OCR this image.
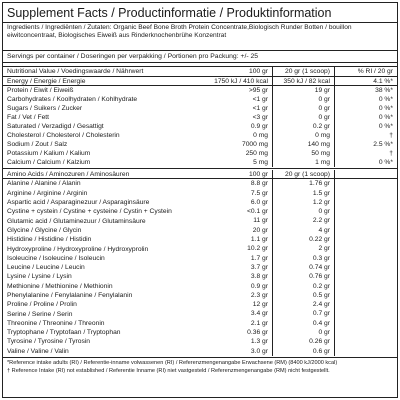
Supplement Facts / Productinformatie / Produktinformation
Ingredients / Ingrediënten / Zutaten: Organic Beef Bone Broth Protein Concentrate,Biologisch Runder Botten / bouillon eiwitconcentraat, Biologisches Eiweiß aus Rinderknochenbrühe Konzentrat
Servings per container / Doseringen per verpakking / Portionen pro Packung: +/- 25
Nutritional Value / Voedingswaarde / Nährwert	100 gr	20 gr (1 scoop)	% RI / 20 gr
Energy / Energie / Energie	1750 kJ / 410 kcal	350 kJ / 82 kcal	4.1 %*
Protein / Eiwit / Eiweiß	>95 gr	19 gr	38 %*
Carbohydrates / Koolhydraten / Kohlhydrate	<1 gr	0 gr	0 %*
Sugars / Suikers / Zucker	<1 gr	0 gr	0 %*
Fat / Vet / Fett	<3 gr	0 gr	0 %*
Saturated / Verzadigd / Gesattigt	0.9 gr	0.2 gr	0 %*
Cholesterol / Cholesterol / Cholesterin	0 mg	0 mg	†
Sodium / Zout / Salz	7000 mg	140 mg	2.5 %*
Potassium / Kalium / Kalium	250 mg	50 mg	†
Calcium / Calcium / Kalzium	5 mg	1 mg	0 %*
Amino Acids / Aminozuren / Aminosäuren	100 gr	20 gr (1 scoop)
Alanine / Alanine / Alanin	8.8 gr	1.76 gr
Arginine / Arginine / Arginin	7.5 gr	1.5 gr
Aspartic acid / Asparaginezuur / Asparaginsäure	6.0 gr	1.2 gr
Cystine + cystein / Cystine + cysteine / Cystin + Cystein	<0.1 gr	0 gr
Glutamic acid / Glutaminezuur / Glutaminsäure	11 gr	2.2 gr
Glycine / Glycine / Glycin	20 gr	4 gr
Histidine / Histidine / Histidin	1.1 gr	0.22 gr
Hydroxyproline / Hydroxyproline / Hydroxyprolin	10.2 gr	2 gr
Isoleucine / Isoleucine / Isoleucin	1.7 gr	0.3 gr
Leucine / Leucine / Leucin	3.7 gr	0.74 gr
Lysine / Lysine / Lysin	3.8 gr	0.76 gr
Methionine / Methionine / Methionin	0.9 gr	0.2 gr
Phenylalanine / Fenylalanine / Fenylalanin	2.3 gr	0.5 gr
Proline / Proline / Prolin	12 gr	2.4 gr
Serine / Serine / Serin	3.4 gr	0.7 gr
Threonine / Threonine / Threonin	2.1 gr	0.4 gr
Tryptophane / Tryptofaan / Tryptophan	0.36 gr	0 gr
Tyrosine / Tyrosine / Tyrosin	1.3 gr	0.26 gr
Valine / Valine / Valin	3.0 gr	0.6 gr
*Reference intake adults (RI) / Referentie-inname volwassenen (RI) / Referenzmengenangabe Erwachsene (RM) (8400 kJ/2000 kcal)
† Reference Intake (RI) not established / Referentie Inname (RI) niet vastgesteld / Referenzmengenangabe (RM) nicht festgestellt.
